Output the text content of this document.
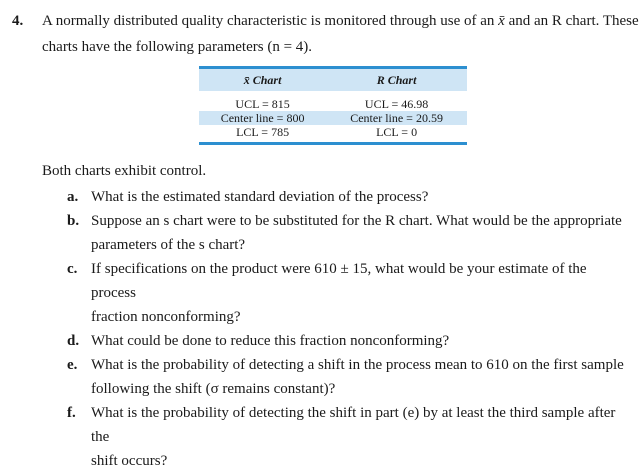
4. A normally distributed quality characteristic is monitored through use of an x̄ and an R chart. These
charts have the following parameters (n = 4).

x̄ Chart	R Chart

UCL = 815	UCL = 46.98
Center line = 800	Center line = 20.59
LCL = 785	LCL = 0

Both charts exhibit control.
a. What is the estimated standard deviation of the process?
b. Suppose an s chart were to be substituted for the R chart. What would be the appropriate
parameters of the s chart?
c. If specifications on the product were 610 ± 15, what would be your estimate of the process
fraction nonconforming?
d. What could be done to reduce this fraction nonconforming?
e. What is the probability of detecting a shift in the process mean to 610 on the first sample
following the shift (σ remains constant)?
f. What is the probability of detecting the shift in part (e) by at least the third sample after the
shift occurs?
